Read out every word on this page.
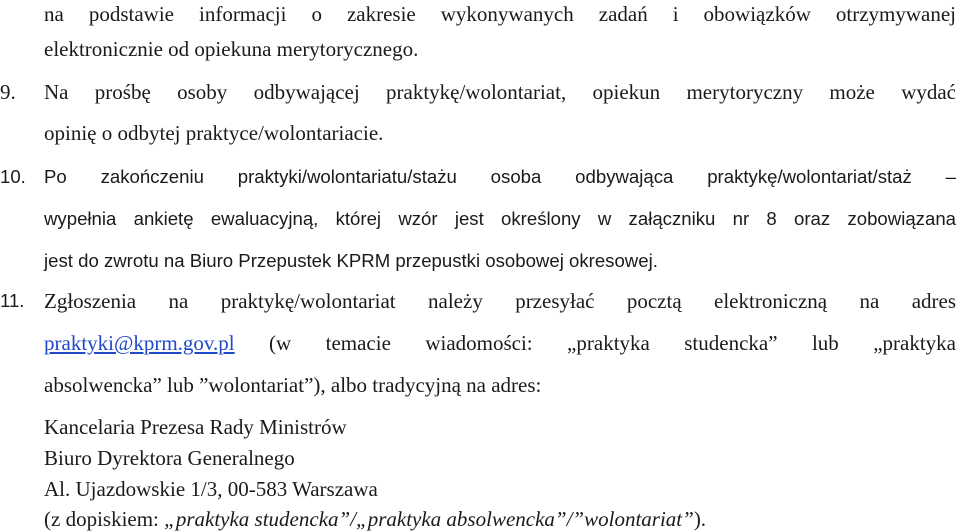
na podstawie informacji o zakresie wykonywanych zadań i obowiązków otrzymywanej
elektronicznie od opiekuna merytorycznego.
9. Na prośbę osoby odbywającej praktykę/wolontariat, opiekun merytoryczny może wydać
opinię o odbytej praktyce/wolontariacie.
10. Po zakończeniu praktyki/wolontariatu/stażu osoba odbywająca praktykę/wolontariat/staż –
wypełnia ankietę ewaluacyjną, której wzór jest określony w załączniku nr 8 oraz zobowiązana
jest do zwrotu na Biuro Przepustek KPRM przepustki osobowej okresowej.
11. Zgłoszenia na praktykę/wolontariat należy przesyłać pocztą elektroniczną na adres
praktyki@kprm.gov.pl (w temacie wiadomości: „praktyka studencka” lub „praktyka
absolwencka” lub ”wolontariat”), albo tradycyjną na adres:
Kancelaria Prezesa Rady Ministrów
Biuro Dyrektora Generalnego
Al. Ujazdowskie 1/3, 00-583 Warszawa
(z dopiskiem: „praktyka studencka”/„praktyka absolwencka”/”wolontariat”).
